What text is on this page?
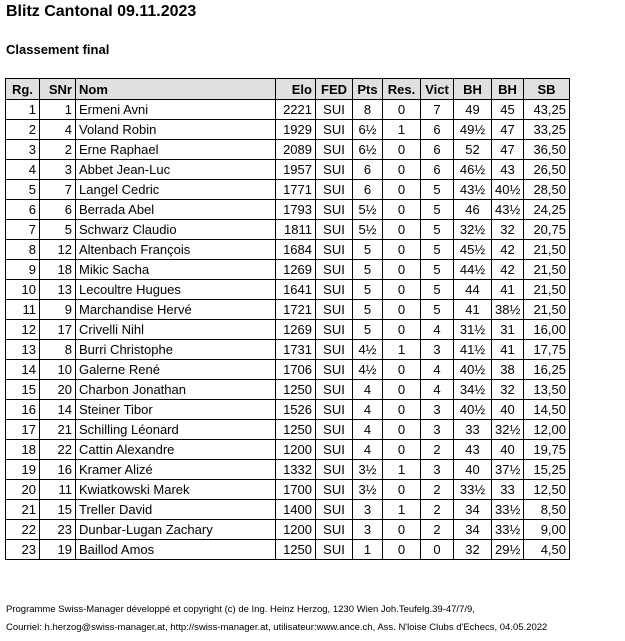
Blitz Cantonal 09.11.2023
Classement final
Rg.	SNr	Nom	Elo	FED	Pts	Res.	Vict	BH	BH	SB
1	1	Ermeni Avni	2221	SUI	8	0	7	49	45	43,25
2	4	Voland Robin	1929	SUI	6½	1	6	49½	47	33,25
3	2	Erne Raphael	2089	SUI	6½	0	6	52	47	36,50
4	3	Abbet Jean-Luc	1957	SUI	6	0	6	46½	43	26,50
5	7	Langel Cedric	1771	SUI	6	0	5	43½	40½	28,50
6	6	Berrada Abel	1793	SUI	5½	0	5	46	43½	24,25
7	5	Schwarz Claudio	1811	SUI	5½	0	5	32½	32	20,75
8	12	Altenbach François	1684	SUI	5	0	5	45½	42	21,50
9	18	Mikic Sacha	1269	SUI	5	0	5	44½	42	21,50
10	13	Lecoultre Hugues	1641	SUI	5	0	5	44	41	21,50
11	9	Marchandise Hervé	1721	SUI	5	0	5	41	38½	21,50
12	17	Crivelli Nihl	1269	SUI	5	0	4	31½	31	16,00
13	8	Burri Christophe	1731	SUI	4½	1	3	41½	41	17,75
14	10	Galerne René	1706	SUI	4½	0	4	40½	38	16,25
15	20	Charbon Jonathan	1250	SUI	4	0	4	34½	32	13,50
16	14	Steiner Tibor	1526	SUI	4	0	3	40½	40	14,50
17	21	Schilling Léonard	1250	SUI	4	0	3	33	32½	12,00
18	22	Cattin Alexandre	1200	SUI	4	0	2	43	40	19,75
19	16	Kramer Alizé	1332	SUI	3½	1	3	40	37½	15,25
20	11	Kwiatkowski Marek	1700	SUI	3½	0	2	33½	33	12,50
21	15	Treller David	1400	SUI	3	1	2	34	33½	8,50
22	23	Dunbar-Lugan Zachary	1200	SUI	3	0	2	34	33½	9,00
23	19	Baillod Amos	1250	SUI	1	0	0	32	29½	4,50
Programme Swiss-Manager développé et copyright (c) de Ing. Heinz Herzog, 1230 Wien Joh.Teufelg.39-47/7/9,
Courriel: h.herzog@swiss-manager.at, http://swiss-manager.at, utilisateur:www.ance.ch, Ass. N'loise Clubs d'Echecs, 04.05.2022
